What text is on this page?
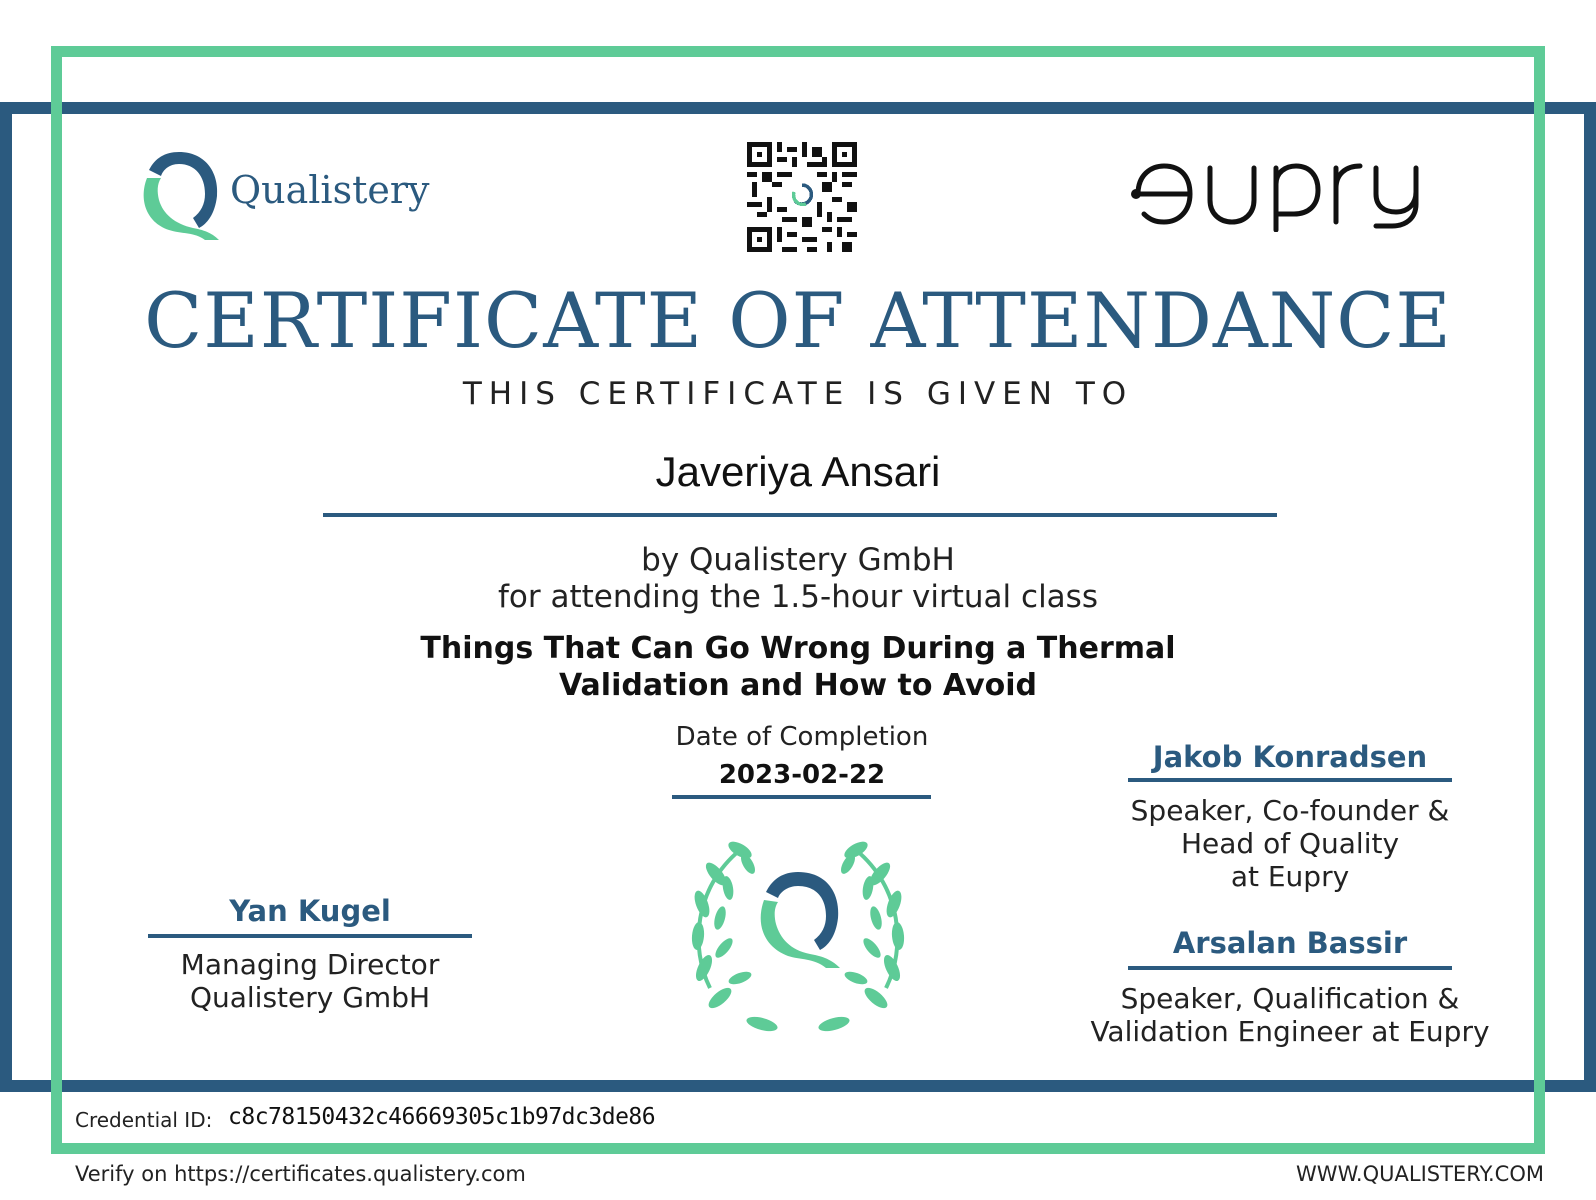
Qualistery
CERTIFICATE OF ATTENDANCE
THIS CERTIFICATE IS GIVEN TO
Javeriya Ansari
by Qualistery GmbH
for attending the 1.5-hour virtual class
Things That Can Go Wrong During a Thermal
Validation and How to Avoid
Date of Completion
2023-02-22
Yan Kugel
Managing Director
Qualistery GmbH
Jakob Konradsen
Speaker, Co-founder &
Head of Quality
at Eupry
Arsalan Bassir
Speaker, Qualification &
Validation Engineer at Eupry
Credential ID: c8c78150432c46669305c1b97dc3de86
Verify on https://certificates.qualistery.com	WWW.QUALISTERY.COM
